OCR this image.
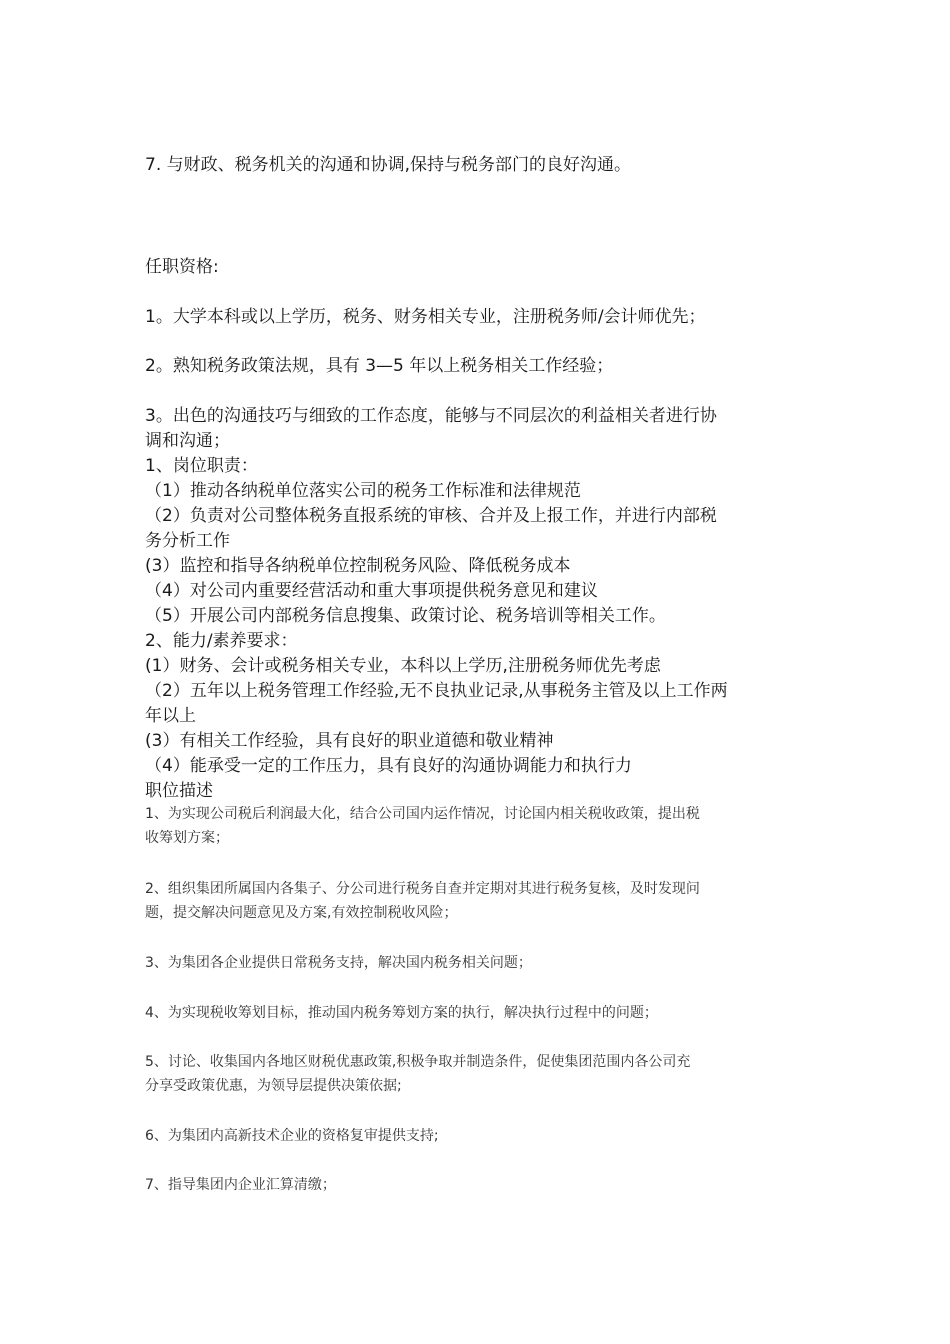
7. 与财政、税务机关的沟通和协调,保持与税务部门的良好沟通。
任职资格:
1。大学本科或以上学历，税务、财务相关专业，注册税务师/会计师优先；
2。熟知税务政策法规，具有 3—5 年以上税务相关工作经验；
3。出色的沟通技巧与细致的工作态度，能够与不同层次的利益相关者进行协
调和沟通；
1、岗位职责：
（1）推动各纳税单位落实公司的税务工作标准和法律规范
（2）负责对公司整体税务直报系统的审核、合并及上报工作，并进行内部税
务分析工作
(3）监控和指导各纳税单位控制税务风险、降低税务成本
（4）对公司内重要经营活动和重大事项提供税务意见和建议
（5）开展公司内部税务信息搜集、政策讨论、税务培训等相关工作。
2、能力/素养要求：
(1）财务、会计或税务相关专业，本科以上学历,注册税务师优先考虑
（2）五年以上税务管理工作经验,无不良执业记录,从事税务主管及以上工作两
年以上
(3）有相关工作经验，具有良好的职业道德和敬业精神
（4）能承受一定的工作压力，具有良好的沟通协调能力和执行力
职位描述
1、为实现公司税后利润最大化，结合公司国内运作情况，讨论国内相关税收政策，提出税
收筹划方案；
2、组织集团所属国内各集子、分公司进行税务自查并定期对其进行税务复核，及时发现问
题，提交解决问题意见及方案,有效控制税收风险；
3、为集团各企业提供日常税务支持，解决国内税务相关问题；
4、为实现税收筹划目标，推动国内税务筹划方案的执行，解决执行过程中的问题；
5、讨论、收集国内各地区财税优惠政策,积极争取并制造条件，促使集团范围内各公司充
分享受政策优惠，为领导层提供决策依据;
6、为集团内高新技术企业的资格复审提供支持;
7、指导集团内企业汇算清缴；
